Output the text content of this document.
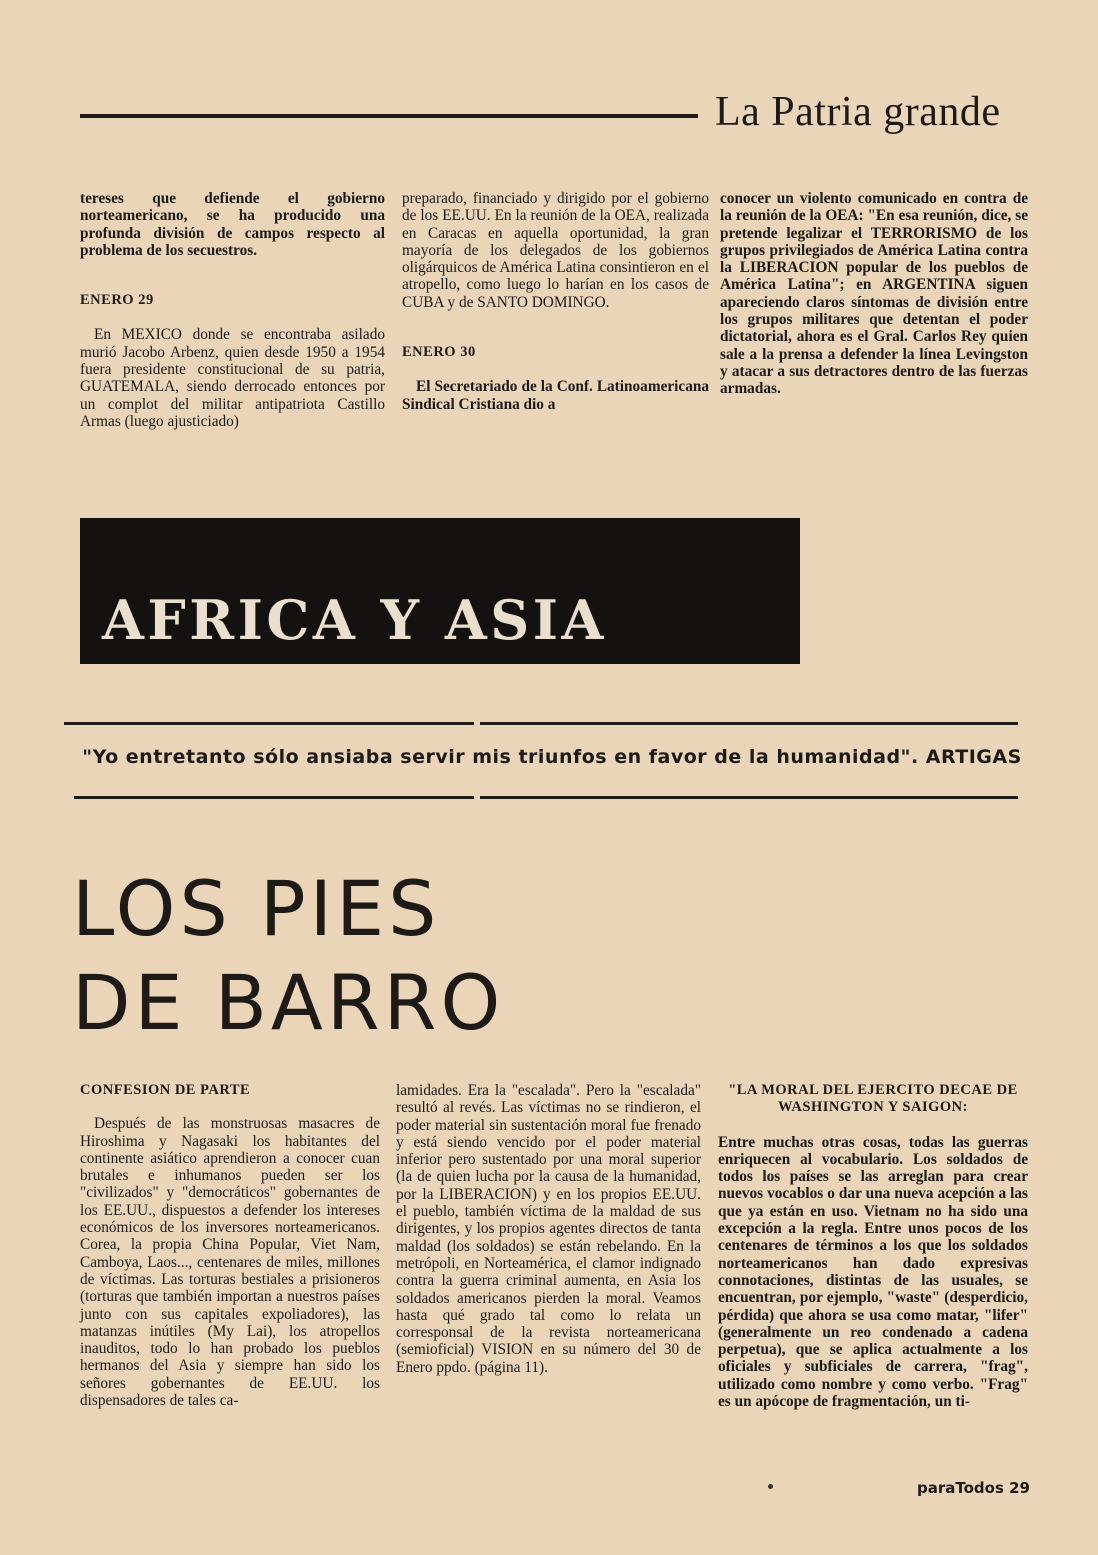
La Patria grande

tereses que defiende el gobierno norteamericano, se ha producido una profunda división de campos respecto al problema de los secuestros.

ENERO 29

En MEXICO donde se encontraba asilado murió Jacobo Arbenz, quien desde 1950 a 1954 fuera presidente constitucional de su patria, GUATEMALA, siendo derrocado entonces por un complot del militar antipatriota Castillo Armas (luego ajusticiado)

preparado, financiado y dirigido por el gobierno de los EE.UU. En la reunión de la OEA, realizada en Caracas en aquella oportunidad, la gran mayoría de los delegados de los gobiernos oligárquicos de América Latina consintieron en el atropello, como luego lo harían en los casos de CUBA y de SANTO DOMINGO.

ENERO 30

El Secretariado de la Conf. Latinoamericana Sindical Cristiana dio a

conocer un violento comunicado en contra de la reunión de la OEA: "En esa reunión, dice, se pretende legalizar el TERRORISMO de los grupos privilegiados de América Latina contra la LIBERACION popular de los pueblos de América Latina"; en ARGENTINA siguen apareciendo claros síntomas de división entre los grupos militares que detentan el poder dictatorial, ahora es el Gral. Carlos Rey quien sale a la prensa a defender la línea Levingston y atacar a sus detractores dentro de las fuerzas armadas.

AFRICA Y ASIA
"Yo entretanto sólo ansiaba servir mis triunfos en favor de la humanidad". ARTIGAS
LOS PIES
DE BARRO

CONFESION DE PARTE

Después de las monstruosas masacres de Hiroshima y Nagasaki los habitantes del continente asiático aprendieron a conocer cuan brutales e inhumanos pueden ser los "civilizados" y "democráticos" gobernantes de los EE.UU., dispuestos a defender los intereses económicos de los inversores norteamericanos. Corea, la propia China Popular, Viet Nam, Camboya, Laos..., centenares de miles, millones de víctimas. Las torturas bestiales a prisioneros (torturas que también importan a nuestros países junto con sus capitales expoliadores), las matanzas inútiles (My Lai), los atropellos inauditos, todo lo han probado los pueblos hermanos del Asia y siempre han sido los señores gobernantes de EE.UU. los dispensadores de tales ca-

lamidades. Era la "escalada". Pero la "escalada" resultó al revés. Las víctimas no se rindieron, el poder material sin sustentación moral fue frenado y está siendo vencido por el poder material inferior pero sustentado por una moral superior (la de quien lucha por la causa de la humanidad, por la LIBERACION) y en los propios EE.UU. el pueblo, también víctima de la maldad de sus dirigentes, y los propios agentes directos de tanta maldad (los soldados) se están rebelando. En la metrópoli, en Norteamérica, el clamor indignado contra la guerra criminal aumenta, en Asia los soldados americanos pierden la moral. Veamos hasta qué grado tal como lo relata un corresponsal de la revista norteamericana (semioficial) VISION en su número del 30 de Enero ppdo. (página 11).

"LA MORAL DEL EJERCITO DECAE DE WASHINGTON Y SAIGON:

Entre muchas otras cosas, todas las guerras enriquecen al vocabulario. Los soldados de todos los países se las arreglan para crear nuevos vocablos o dar una nueva acepción a las que ya están en uso. Vietnam no ha sido una excepción a la regla. Entre unos pocos de los centenares de términos a los que los soldados norteamericanos han dado expresivas connotaciones, distintas de las usuales, se encuentran, por ejemplo, "waste" (desperdicio, pérdida) que ahora se usa como matar, "lifer" (generalmente un reo condenado a cadena perpetua), que se aplica actualmente a los oficiales y subficiales de carrera, "frag", utilizado como nombre y como verbo. "Frag" es un apócope de fragmentación, un ti-

paraTodos 29
